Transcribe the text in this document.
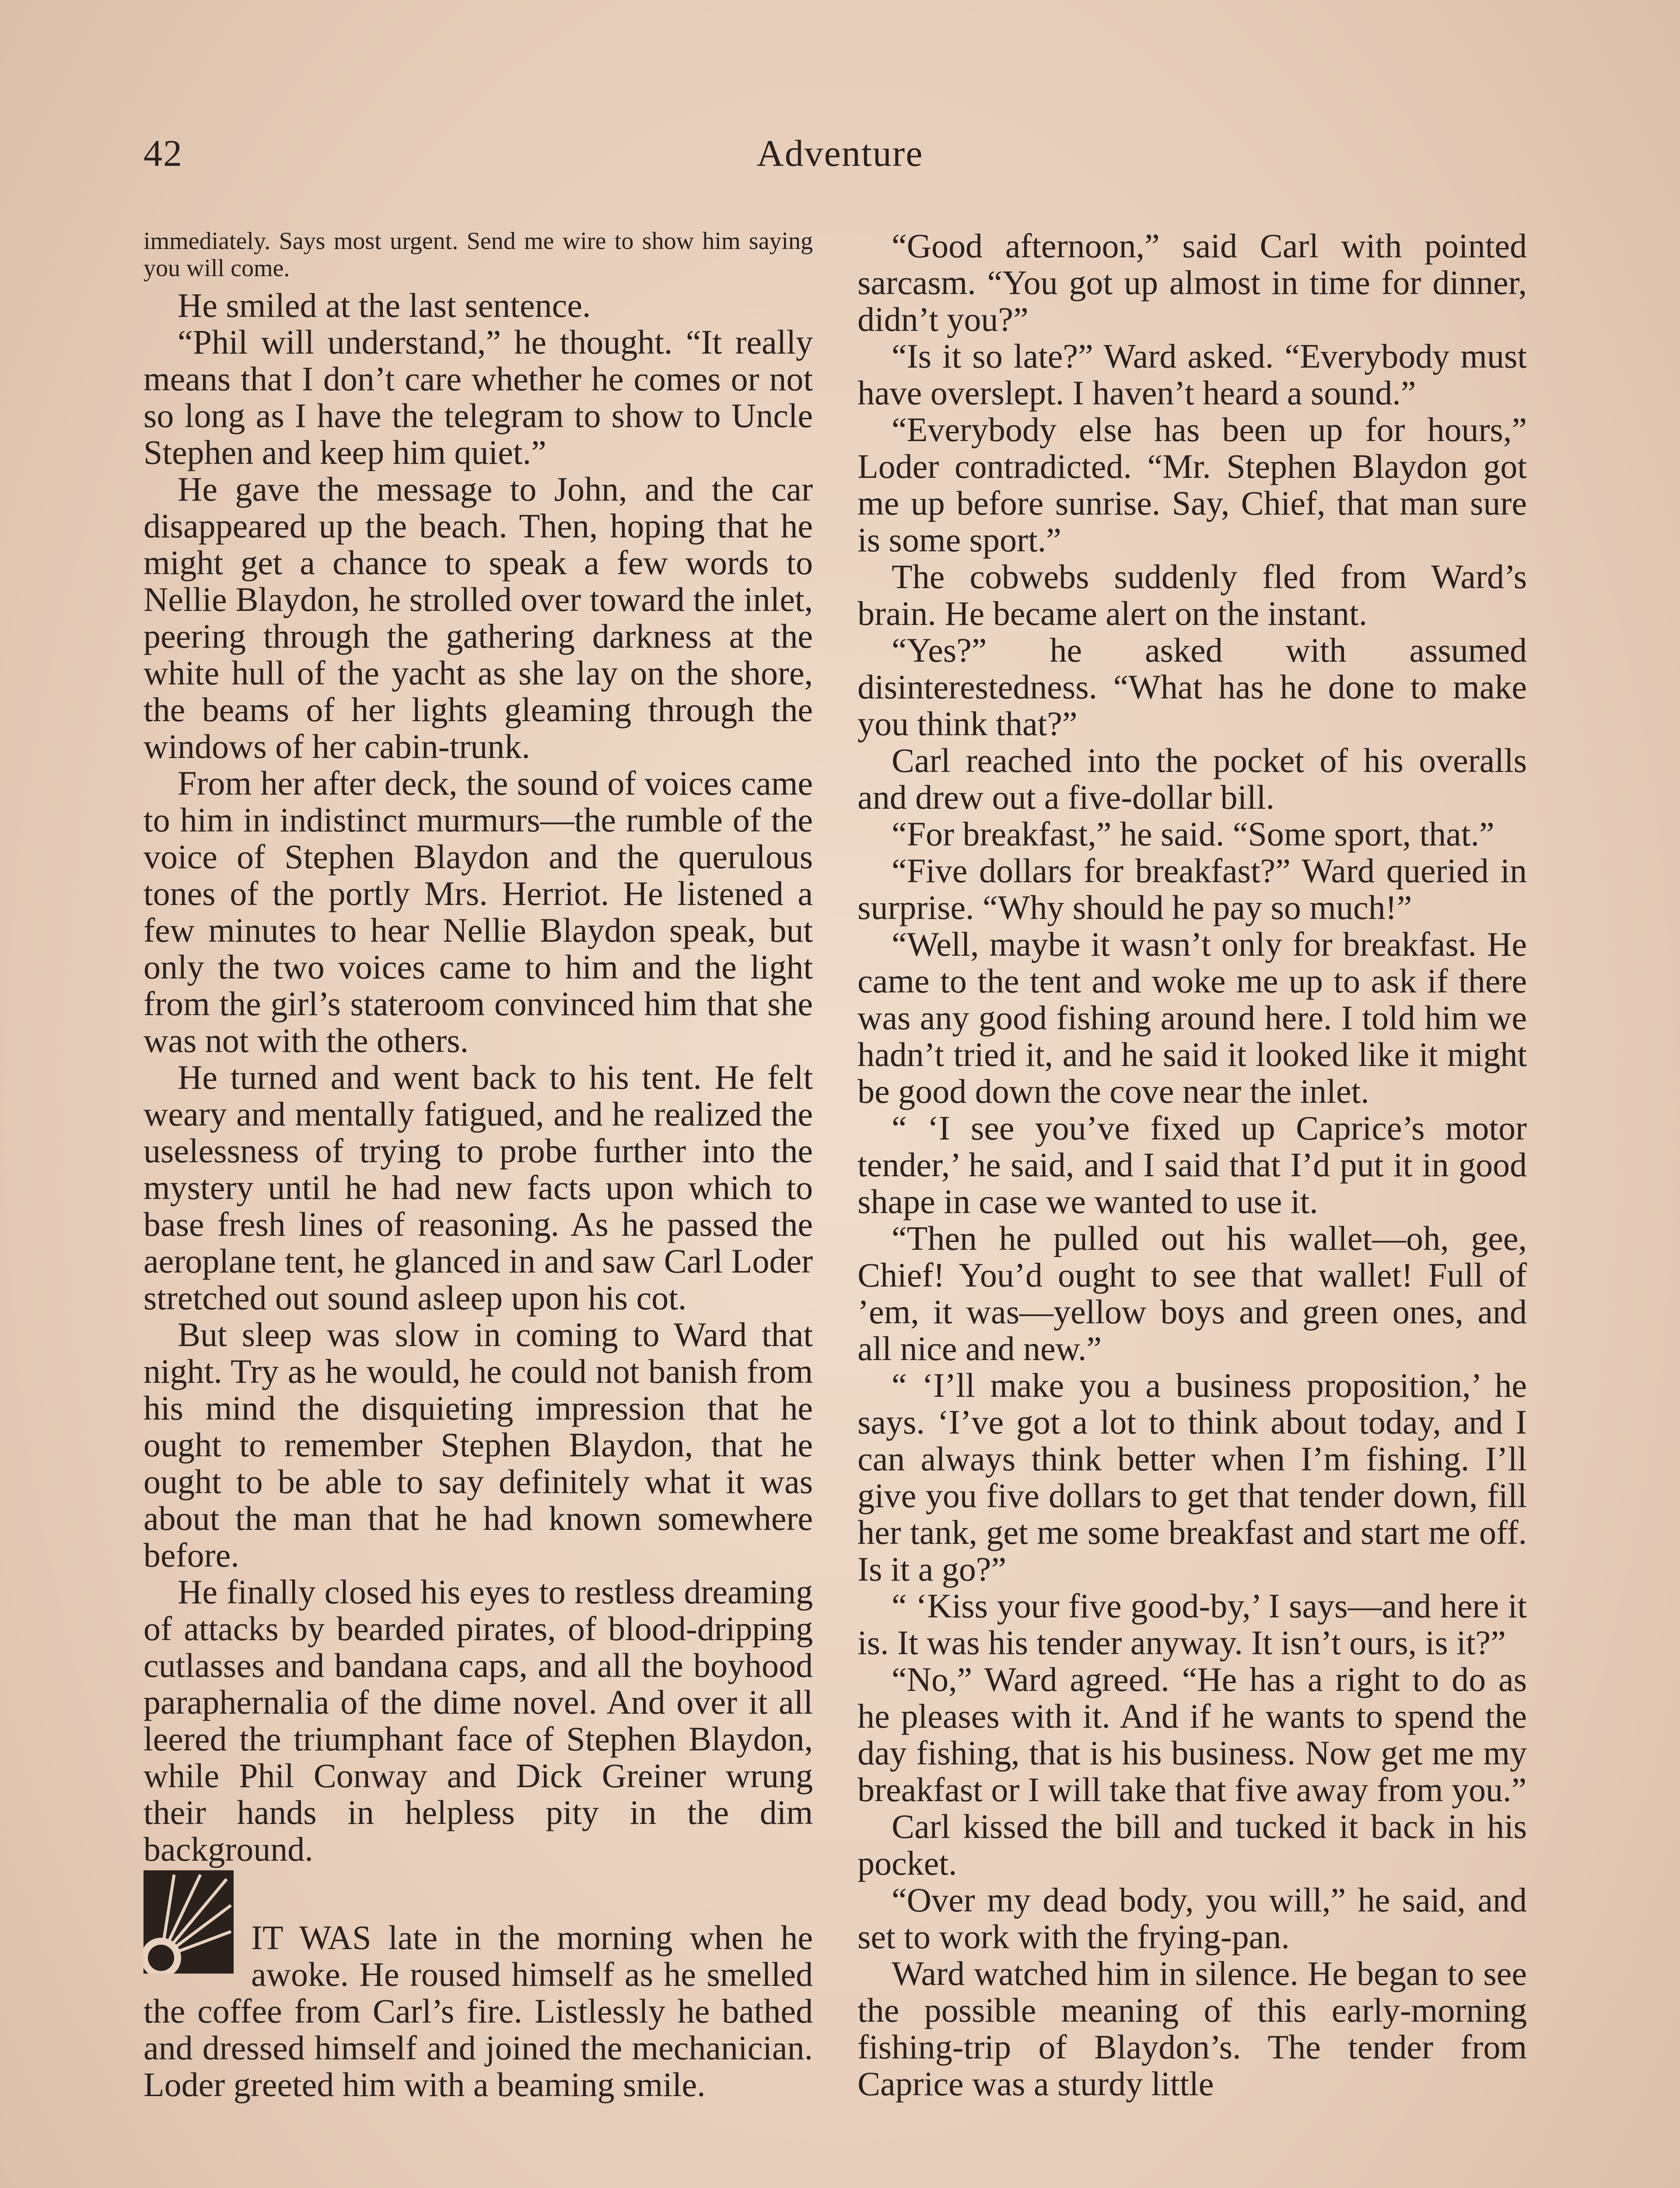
42	Adventure

immediately. Says most urgent. Send me wire to show him saying you will come.

He smiled at the last sentence.

“Phil will understand,” he thought. “It really means that I don’t care whether he comes or not so long as I have the telegram to show to Uncle Stephen and keep him quiet.”

He gave the message to John, and the car disappeared up the beach. Then, hoping that he might get a chance to speak a few words to Nellie Blaydon, he strolled over toward the inlet, peering through the gathering darkness at the white hull of the yacht as she lay on the shore, the beams of her lights gleaming through the windows of her cabin-trunk.

From her after deck, the sound of voices came to him in indistinct murmurs—the rumble of the voice of Stephen Blaydon and the querulous tones of the portly Mrs. Herriot. He listened a few minutes to hear Nellie Blaydon speak, but only the two voices came to him and the light from the girl’s stateroom convinced him that she was not with the others.

He turned and went back to his tent. He felt weary and mentally fatigued, and he realized the uselessness of trying to probe further into the mystery until he had new facts upon which to base fresh lines of reasoning. As he passed the aeroplane tent, he glanced in and saw Carl Loder stretched out sound asleep upon his cot.

But sleep was slow in coming to Ward that night. Try as he would, he could not banish from his mind the disquieting impression that he ought to remember Stephen Blaydon, that he ought to be able to say definitely what it was about the man that he had known somewhere before.

He finally closed his eyes to restless dreaming of attacks by bearded pirates, of blood-dripping cutlasses and bandana caps, and all the boyhood paraphernalia of the dime novel. And over it all leered the triumphant face of Stephen Blaydon, while Phil Conway and Dick Greiner wrung their hands in helpless pity in the dim background.

IT WAS late in the morning when he awoke. He roused himself as he smelled the coffee from Carl’s fire. Listlessly he bathed and dressed himself and joined the mechanician. Loder greeted him with a beaming smile.

“Good afternoon,” said Carl with pointed sarcasm. “You got up almost in time for dinner, didn’t you?”

“Is it so late?” Ward asked. “Everybody must have overslept. I haven’t heard a sound.”

“Everybody else has been up for hours,” Loder contradicted. “Mr. Stephen Blaydon got me up before sunrise. Say, Chief, that man sure is some sport.”

The cobwebs suddenly fled from Ward’s brain. He became alert on the instant.

“Yes?” he asked with assumed disinterestedness. “What has he done to make you think that?”

Carl reached into the pocket of his overalls and drew out a five-dollar bill.

“For breakfast,” he said. “Some sport, that.”

“Five dollars for breakfast?” Ward queried in surprise. “Why should he pay so much!”

“Well, maybe it wasn’t only for breakfast. He came to the tent and woke me up to ask if there was any good fishing around here. I told him we hadn’t tried it, and he said it looked like it might be good down the cove near the inlet.

“ ‘I see you’ve fixed up Caprice’s motor tender,’ he said, and I said that I’d put it in good shape in case we wanted to use it.

“Then he pulled out his wallet—oh, gee, Chief! You’d ought to see that wallet! Full of ’em, it was—yellow boys and green ones, and all nice and new.”

“ ‘I’ll make you a business proposition,’ he says. ‘I’ve got a lot to think about today, and I can always think better when I’m fishing. I’ll give you five dollars to get that tender down, fill her tank, get me some breakfast and start me off. Is it a go?”

“ ‘Kiss your five good-by,’ I says—and here it is. It was his tender anyway. It isn’t ours, is it?”

“No,” Ward agreed. “He has a right to do as he pleases with it. And if he wants to spend the day fishing, that is his business. Now get me my breakfast or I will take that five away from you.”

Carl kissed the bill and tucked it back in his pocket.

“Over my dead body, you will,” he said, and set to work with the frying-pan.

Ward watched him in silence. He began to see the possible meaning of this early-morning fishing-trip of Blaydon’s. The tender from Caprice was a sturdy little
